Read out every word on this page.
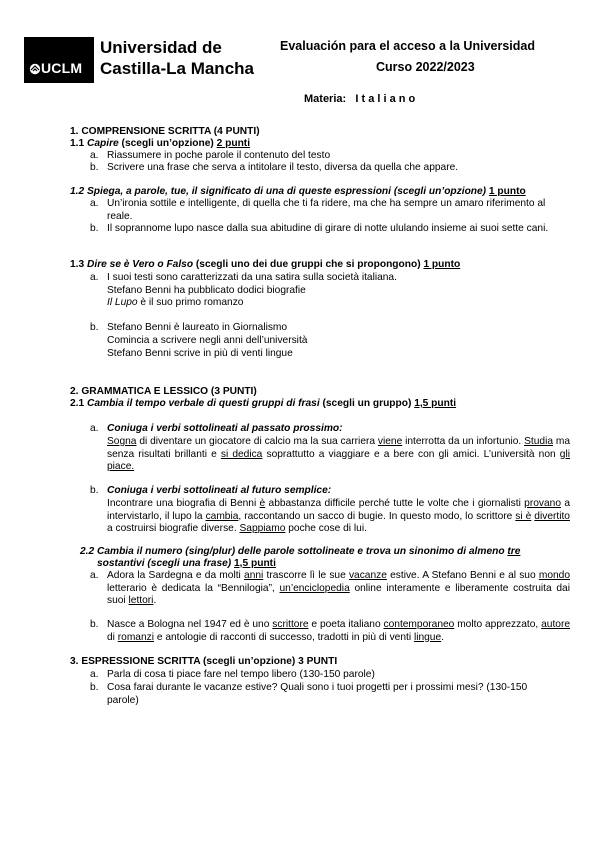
UCLM
Universidad de
Castilla-La Mancha
Evaluación para el acceso a la Universidad
Curso 2022/2023
Materia: I t a l i a n o
1. COMPRENSIONE SCRITTA (4 PUNTI)
1.1 Capire (scegli un’opzione) 2 punti
a. Riassumere in poche parole il contenuto del testo
b. Scrivere una frase che serva a intitolare il testo, diversa da quella che appare.
1.2 Spiega, a parole, tue, il significato di una di queste espressioni (scegli un’opzione) 1 punto
a. Un’ironia sottile e intelligente, di quella che ti fa ridere, ma che ha sempre un amaro riferimento al reale.
b. Il soprannome lupo nasce dalla sua abitudine di girare di notte ululando insieme ai suoi sette cani.
1.3 Dire se è Vero o Falso (scegli uno dei due gruppi che si propongono) 1 punto
a. I suoi testi sono caratterizzati da una satira sulla società italiana.
Stefano Benni ha pubblicato dodici biografie
Il Lupo è il suo primo romanzo
b. Stefano Benni è laureato in Giornalismo
Comincia a scrivere negli anni dell’università
Stefano Benni scrive in più di venti lingue
2. GRAMMATICA E LESSICO (3 PUNTI)
2.1 Cambia il tempo verbale di questi gruppi di frasi (scegli un gruppo) 1,5 punti
a. Coniuga i verbi sottolineati al passato prossimo:
Sogna di diventare un giocatore di calcio ma la sua carriera viene interrotta da un infortunio. Studia ma senza risultati brillanti e si dedica soprattutto a viaggiare e a bere con gli amici. L’università non gli piace.
b. Coniuga i verbi sottolineati al futuro semplice:
Incontrare una biografia di Benni è abbastanza difficile perché tutte le volte che i giornalisti provano a intervistarlo, il lupo la cambia, raccontando un sacco di bugie. In questo modo, lo scrittore si è divertito a costruirsi biografie diverse. Sappiamo poche cose di lui.
2.2 Cambia il numero (sing/plur) delle parole sottolineate e trova un sinonimo di almeno tre
sostantivi (scegli una frase) 1,5 punti
a. Adora la Sardegna e da molti anni trascorre lì le sue vacanze estive. A Stefano Benni e al suo mondo letterario è dedicata la “Bennilogia”, un’enciclopedia online interamente e liberamente costruita dai suoi lettori.
b. Nasce a Bologna nel 1947 ed è uno scrittore e poeta italiano contemporaneo molto apprezzato, autore di romanzi e antologie di racconti di successo, tradotti in più di venti lingue.
3. ESPRESSIONE SCRITTA (scegli un’opzione) 3 PUNTI
a. Parla di cosa ti piace fare nel tempo libero (130-150 parole)
b. Cosa farai durante le vacanze estive? Quali sono i tuoi progetti per i prossimi mesi? (130-150
parole)
